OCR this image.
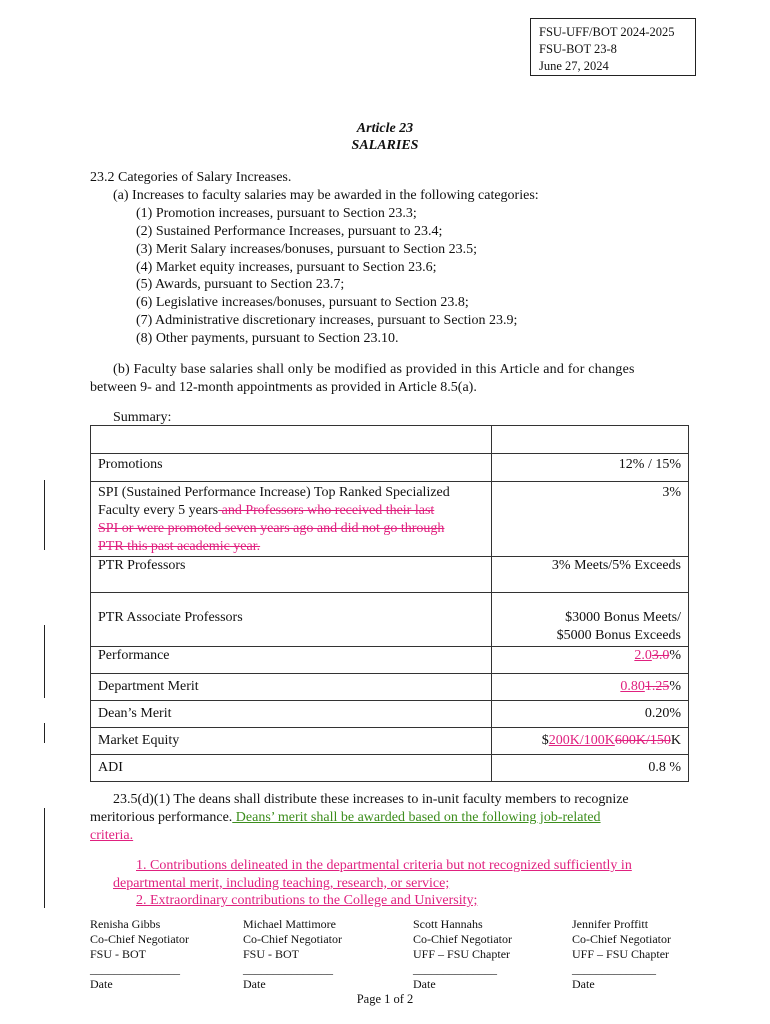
FSU-UFF/BOT 2024-2025
FSU-BOT 23-8
June 27, 2024
Article 23
SALARIES
23.2 Categories of Salary Increases.
(a) Increases to faculty salaries may be awarded in the following categories:
(1) Promotion increases, pursuant to Section 23.3;
(2) Sustained Performance Increases, pursuant to 23.4;
(3) Merit Salary increases/bonuses, pursuant to Section 23.5;
(4) Market equity increases, pursuant to Section 23.6;
(5) Awards, pursuant to Section 23.7;
(6) Legislative increases/bonuses, pursuant to Section 23.8;
(7) Administrative discretionary increases, pursuant to Section 23.9;
(8) Other payments, pursuant to Section 23.10.
(b) Faculty base salaries shall only be modified as provided in this Article and for changes
between 9- and 12-month appointments as provided in Article 8.5(a).
Summary:

Promotions	12% / 15%
SPI (Sustained Performance Increase) Top Ranked Specialized
Faculty every 5 years and Professors who received their last
SPI or were promoted seven years ago and did not go through
PTR this past academic year.	3%
PTR Professors	3% Meets/5% Exceeds
PTR Associate Professors	$3000 Bonus Meets/
$5000 Bonus Exceeds
Performance	2.03.0%
Department Merit	0.801.25%
Dean’s Merit	0.20%
Market Equity	$200K/100K600K/150K
ADI	0.8 %
23.5(d)(1) The deans shall distribute these increases to in-unit faculty members to recognize
meritorious performance. Deans’ merit shall be awarded based on the following job-related
criteria.
1. Contributions delineated in the departmental criteria but not recognized sufficiently in
departmental merit, including teaching, research, or service;
2. Extraordinary contributions to the College and University;
Renisha Gibbs
Co-Chief Negotiator
FSU - BOT
_______________
Date
Michael Mattimore
Co-Chief Negotiator
FSU - BOT
_______________
Date
Scott Hannahs
Co-Chief Negotiator
UFF – FSU Chapter
______________
Date
Jennifer Proffitt
Co-Chief Negotiator
UFF – FSU Chapter
______________
Date
Page 1 of 2
